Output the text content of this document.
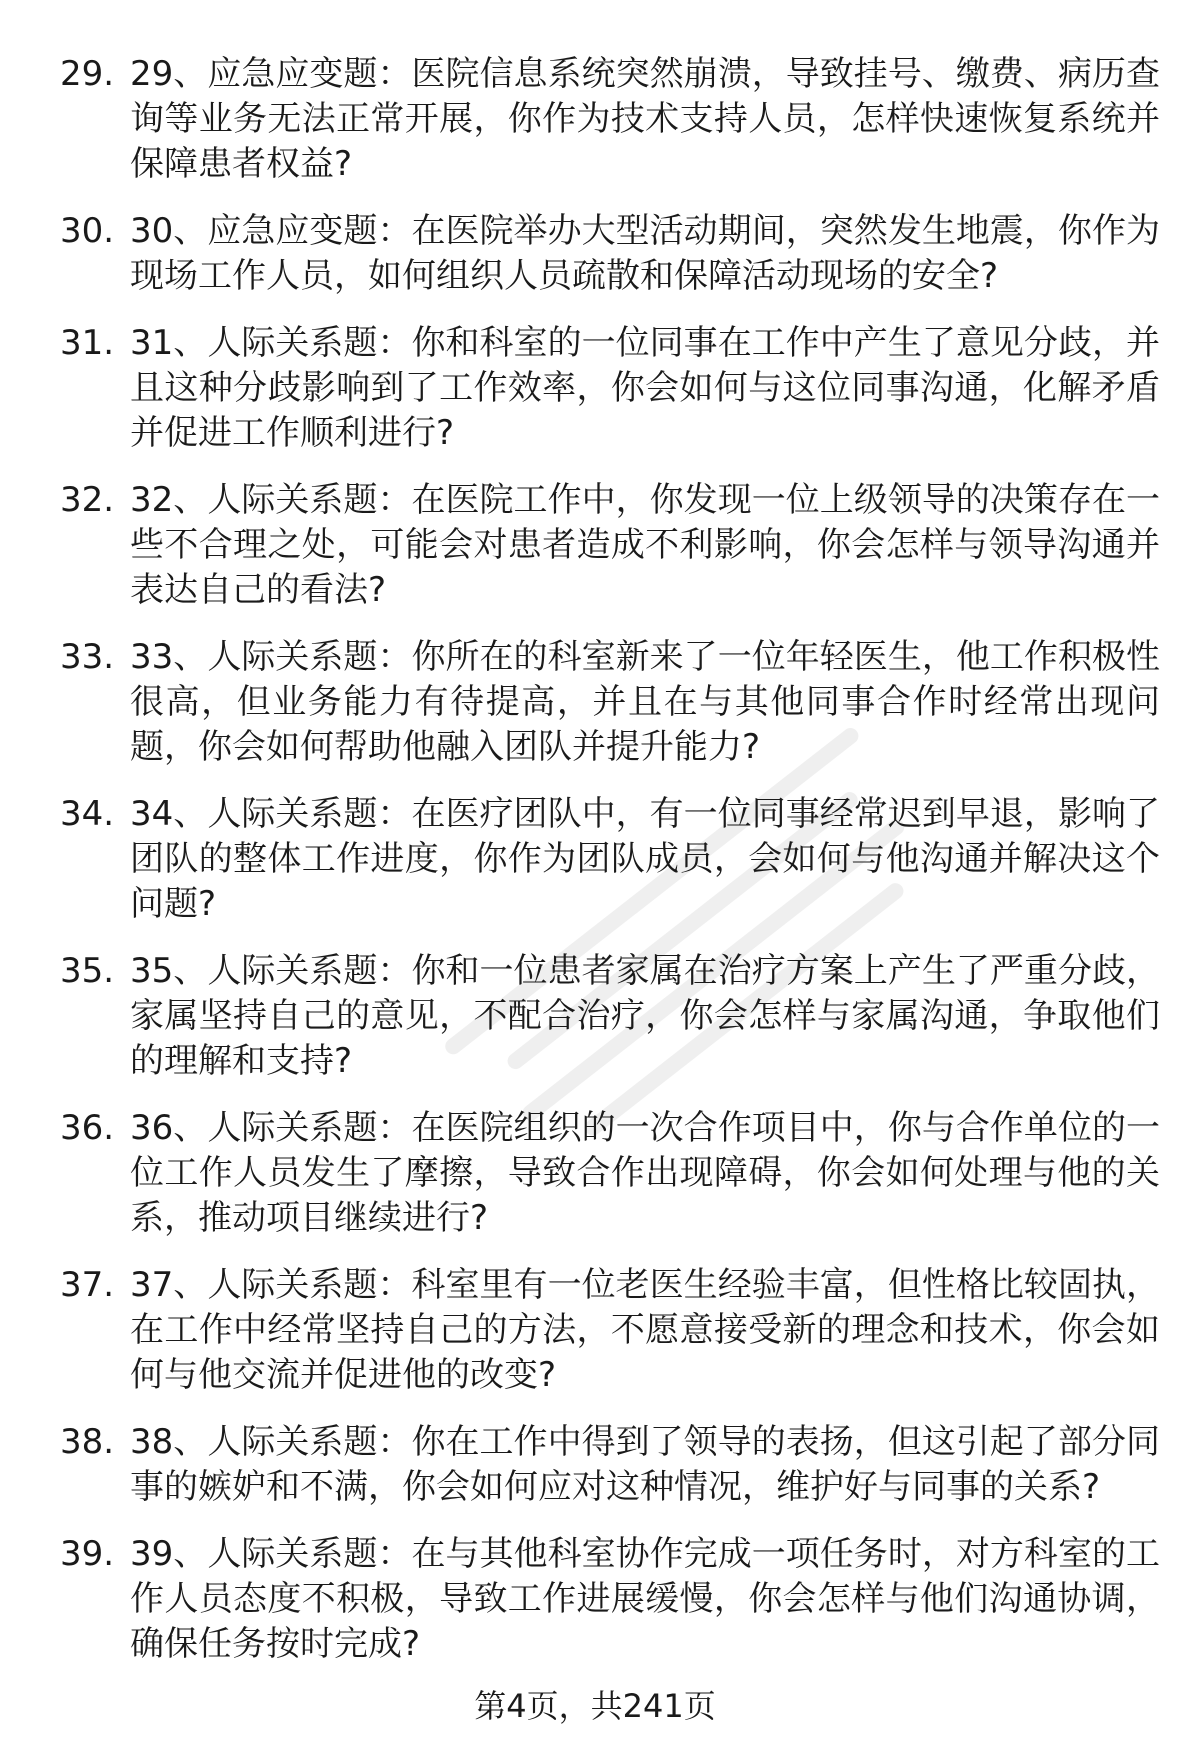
29. 29、应急应变题：医院信息系统突然崩溃，导致挂号、缴费、病历查询等业务无法正常开展，你作为技术支持人员，怎样快速恢复系统并保障患者权益?
30. 30、应急应变题：在医院举办大型活动期间，突然发生地震，你作为现场工作人员，如何组织人员疏散和保障活动现场的安全?
31. 31、人际关系题：你和科室的一位同事在工作中产生了意见分歧，并且这种分歧影响到了工作效率，你会如何与这位同事沟通，化解矛盾并促进工作顺利进行?
32. 32、人际关系题：在医院工作中，你发现一位上级领导的决策存在一些不合理之处，可能会对患者造成不利影响，你会怎样与领导沟通并表达自己的看法?
33. 33、人际关系题：你所在的科室新来了一位年轻医生，他工作积极性很高，但业务能力有待提高，并且在与其他同事合作时经常出现问题，你会如何帮助他融入团队并提升能力?
34. 34、人际关系题：在医疗团队中，有一位同事经常迟到早退，影响了团队的整体工作进度，你作为团队成员，会如何与他沟通并解决这个问题?
35. 35、人际关系题：你和一位患者家属在治疗方案上产生了严重分歧，家属坚持自己的意见，不配合治疗，你会怎样与家属沟通，争取他们的理解和支持?
36. 36、人际关系题：在医院组织的一次合作项目中，你与合作单位的一位工作人员发生了摩擦，导致合作出现障碍，你会如何处理与他的关系，推动项目继续进行?
37. 37、人际关系题：科室里有一位老医生经验丰富，但性格比较固执，在工作中经常坚持自己的方法，不愿意接受新的理念和技术，你会如何与他交流并促进他的改变?
38. 38、人际关系题：你在工作中得到了领导的表扬，但这引起了部分同事的嫉妒和不满，你会如何应对这种情况，维护好与同事的关系?
39. 39、人际关系题：在与其他科室协作完成一项任务时，对方科室的工作人员态度不积极，导致工作进展缓慢，你会怎样与他们沟通协调，确保任务按时完成?
第4页，共241页
